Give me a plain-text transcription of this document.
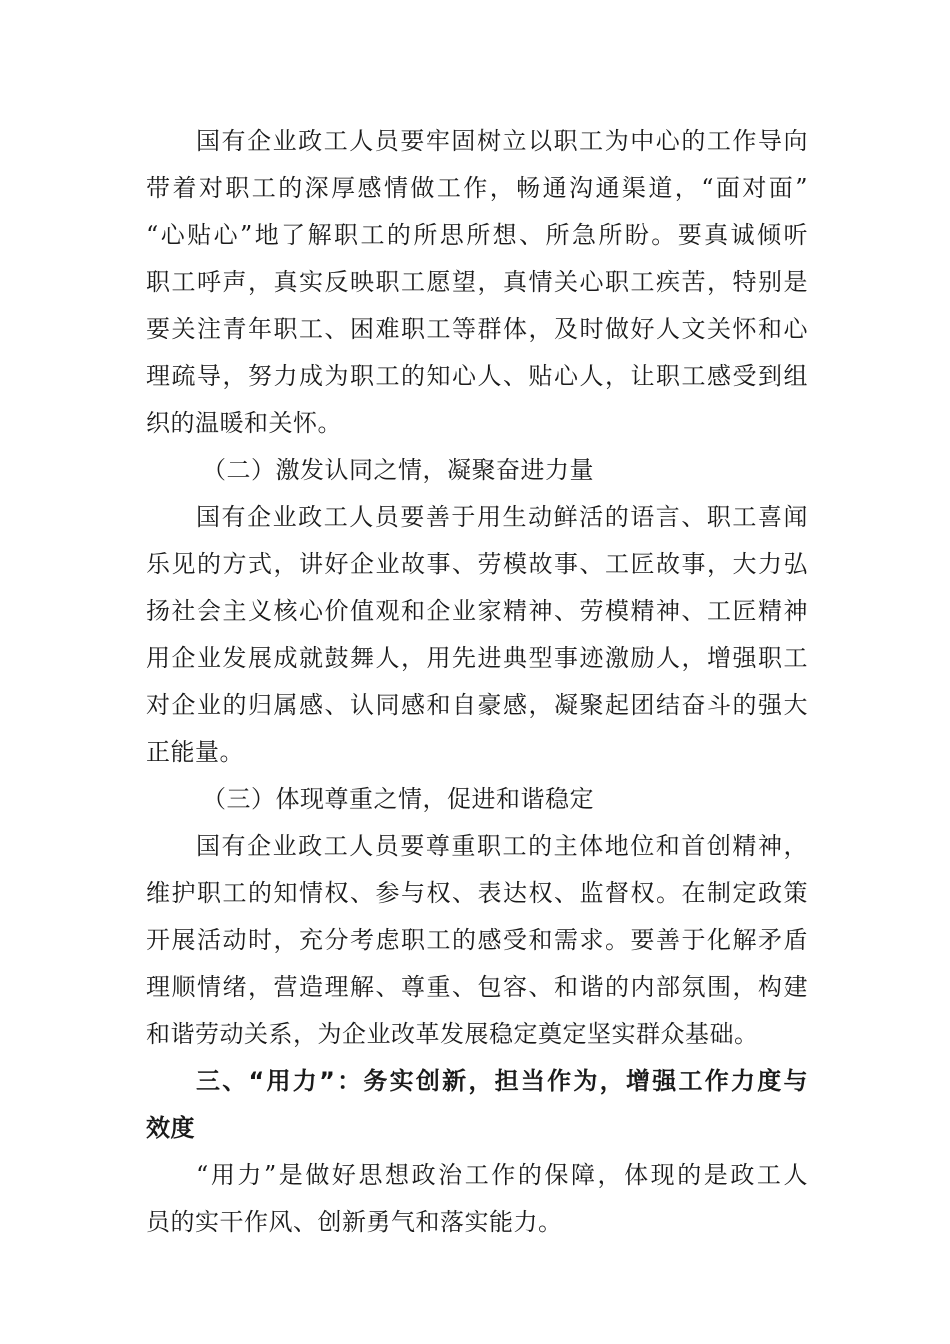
国有企业政工人员要牢固树立以职工为中心的工作导向
带着对职工的深厚感情做工作，畅通沟通渠道，“面对面”
“心贴心”地了解职工的所思所想、所急所盼。要真诚倾听
职工呼声，真实反映职工愿望，真情关心职工疾苦，特别是
要关注青年职工、困难职工等群体，及时做好人文关怀和心
理疏导，努力成为职工的知心人、贴心人，让职工感受到组
织的温暖和关怀。
（二）激发认同之情，凝聚奋进力量
国有企业政工人员要善于用生动鲜活的语言、职工喜闻
乐见的方式，讲好企业故事、劳模故事、工匠故事，大力弘
扬社会主义核心价值观和企业家精神、劳模精神、工匠精神
用企业发展成就鼓舞人，用先进典型事迹激励人，增强职工
对企业的归属感、认同感和自豪感，凝聚起团结奋斗的强大
正能量。
（三）体现尊重之情，促进和谐稳定
国有企业政工人员要尊重职工的主体地位和首创精神，
维护职工的知情权、参与权、表达权、监督权。在制定政策
开展活动时，充分考虑职工的感受和需求。要善于化解矛盾
理顺情绪，营造理解、尊重、包容、和谐的内部氛围，构建
和谐劳动关系，为企业改革发展稳定奠定坚实群众基础。
三、“用力”：务实创新，担当作为，增强工作力度与
效度
“用力”是做好思想政治工作的保障，体现的是政工人
员的实干作风、创新勇气和落实能力。
